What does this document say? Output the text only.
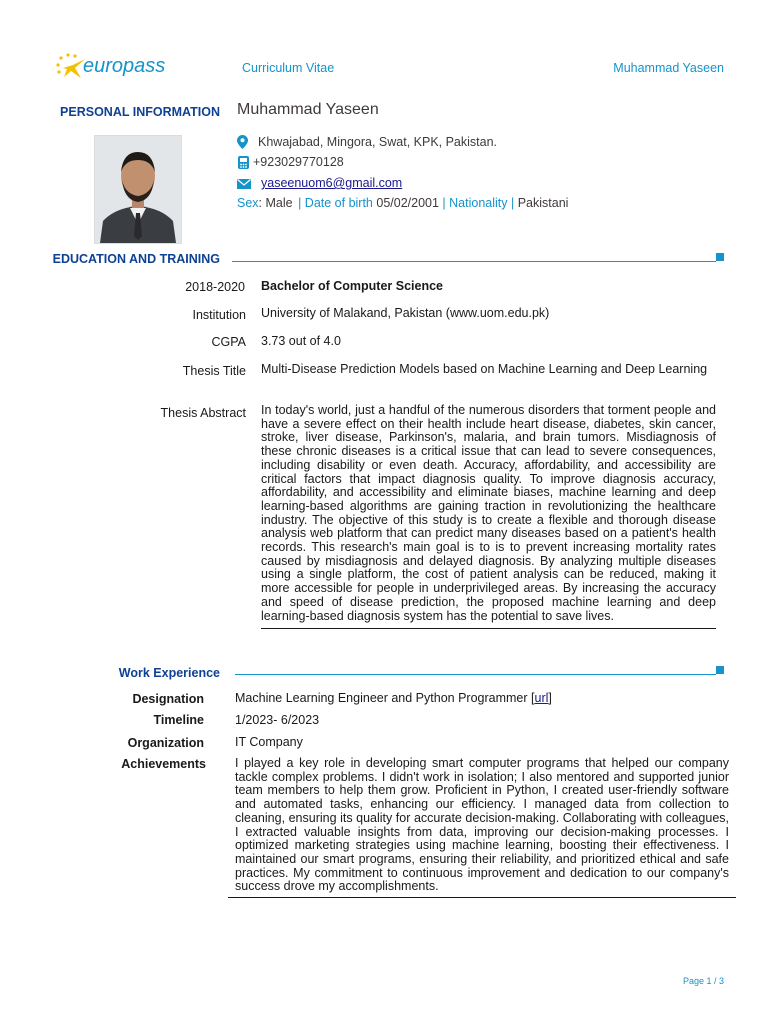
europass	Curriculum Vitae	Muhammad Yaseen
PERSONAL INFORMATION Muhammad Yaseen
Khwajabad, Mingora, Swat, KPK, Pakistan.
+923029770128
yaseenuom6@gmail.com
Sex: Male | Date of birth 05/02/2001 | Nationality | Pakistani
EDUCATION AND TRAINING
2018-2020 Bachelor of Computer Science
Institution University of Malakand, Pakistan (www.uom.edu.pk)
CGPA 3.73 out of 4.0
Thesis Title Multi-Disease Prediction Models based on Machine Learning and Deep Learning
Thesis Abstract In today's world, just a handful of the numerous disorders that torment people and have a severe effect on their health include heart disease, diabetes, skin cancer, stroke, liver disease, Parkinson's, malaria, and brain tumors. Misdiagnosis of these chronic diseases is a critical issue that can lead to severe consequences, including disability or even death. Accuracy, affordability, and accessibility are critical factors that impact diagnosis quality. To improve diagnosis accuracy, affordability, and accessibility and eliminate biases, machine learning and deep learning-based algorithms are gaining traction in revolutionizing the healthcare industry. The objective of this study is to create a flexible and thorough disease analysis web platform that can predict many diseases based on a patient's health records. This research's main goal is to is to prevent increasing mortality rates caused by misdiagnosis and delayed diagnosis. By analyzing multiple diseases using a single platform, the cost of patient analysis can be reduced, making it more accessible for people in underprivileged areas. By increasing the accuracy and speed of disease prediction, the proposed machine learning and deep learning-based diagnosis system has the potential to save lives.
Work Experience
Designation Machine Learning Engineer and Python Programmer [url]
Timeline 1/2023- 6/2023
Organization IT Company
Achievements I played a key role in developing smart computer programs that helped our company tackle complex problems. I didn't work in isolation; I also mentored and supported junior team members to help them grow. Proficient in Python, I created user-friendly software and automated tasks, enhancing our efficiency. I managed data from collection to cleaning, ensuring its quality for accurate decision-making. Collaborating with colleagues, I extracted valuable insights from data, improving our decision-making processes. I optimized marketing strategies using machine learning, boosting their effectiveness. I maintained our smart programs, ensuring their reliability, and prioritized ethical and safe practices. My commitment to continuous improvement and dedication to our company's success drove my accomplishments.
Page 1 / 3
